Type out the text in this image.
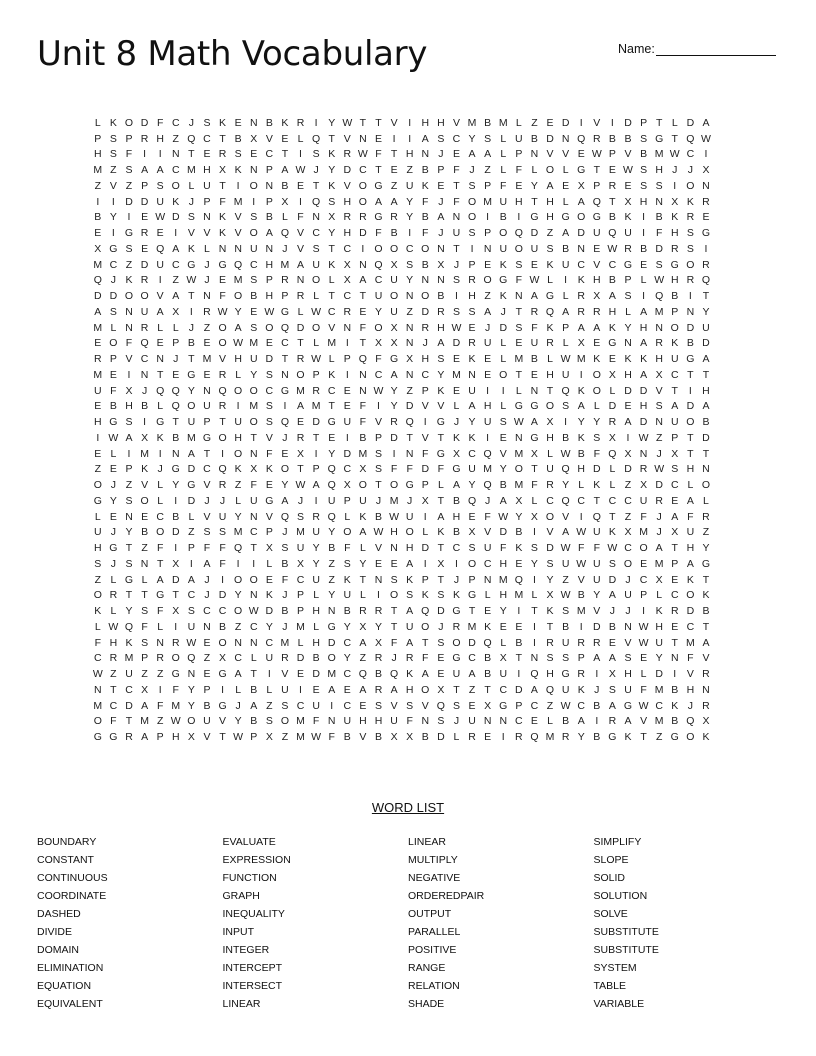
Unit 8 Math Vocabulary	Name:
L K O D F C J S K E N B K R I	Y W T T V	I H H V M B M L Z E D I	V	I D P T L D A
P S P R H Z Q C T B X V E L Q T V N E	I	I	A S C Y S L U B D N Q R B B S G T Q W
H S F	I	I N T E R S E C T	I	S K R W F T H N J E A A L P N V V E W P V B M W C I
M Z S A A C M H X K N P A W J Y D C T E Z B P F J Z L F L O L G T E W S H J J X
Z V Z P S O L U T	I O N B E T K V O G Z U K E T S P F E Y A E X P R E S S	I O N
I	I D D U K J P F M I	P X	I Q S H O A A Y F J F O M U H T H L A Q T X H N X K R
B Y	I	E W D S N K V S B L F N X R R G R Y B A N O I	B	I G H G O G B K	I	B K R E
E	I G R E	I	V V K V O A Q V C Y H D F B	I	F J U S P O Q D Z A D U Q U I	F H S G
X G S E Q A K L N N U N J V S T C I O O C O N T	I N U O U S B N E W R B D R S	I
M C Z D U C G J G Q C H M A U K X N Q X S B X J P E K S E K U C V C G E S G O R
Q J K R I	Z W J E M S P R N O L X A C U Y N N S R O G F W L	I	K H B P L W H R Q
D D O O V A T N F O B H P R L T C T U O N O B	I H Z K N A G L R X A S	I Q B	I	T
A S N U A X	I R W Y E W G L W C R E Y U Z D R S S A J T R Q A R R H L A M P N Y
M L N R L L J Z O A S O Q D O V N F O X N R H W E J D S F K P A A K Y H N O D U
E O F Q E P B E O W M E C T L M I	T X X N J A D R U L E U R L X E G N A R K B D
R P V C N J T M V H U D T R W L P Q F G X H S E K E L M B L W M K E K K H U G A
M E	I N T E G E R L Y S N O P K	I N C A N C Y M N E O T E H U I O X H A X C T T
U F X J Q Q Y N Q O O C G M R C E N W Y Z P K E U I	I	L N T Q K O L D D V T	I H
E B H B L Q O U R I M S	I	A M T E F	I	Y D V V L A H L G G O S A L D E H S A D A
H G S	I G T U P T U O S Q E D G U F V R Q I G J Y U S W A X	I	Y Y R A D N U O B
I W A X K B M G O H T V J R T E	I	B P D T V T K K	I	E N G H B K S X	I W Z P T D
E L	I M I N A T	I O N F E X	I	Y D M S	I N F G X C Q V M X L W B F Q X N J X T T
Z E P K J G D C Q K X K O T P Q C X S F F D F G U M Y O T U Q H D L D R W S H N
O J Z V L Y G V R Z F E Y W A Q X O T O G P L A Y Q B M F R Y L K L Z X D C L O
G Y S O L	I D J J L U G A J	I U P U J M J X T B Q J A X L C Q C T C C U R E A L
L E N E C B L V U Y N V Q S R Q L K B W U I	A H E F W Y X O V	I Q T Z F J A F R
U J Y B O D Z S S M C P J M U Y O A W H O L K B X V D B	I	V A W U K X M J X U Z
H G T Z F	I	P F F Q T X S U Y B F L V N H D T C S U F K S D W F F W C O A T H Y
S J S N T X	I	A F	I	I	L B X Y Z S Y E E A	I	X	I O C H E Y S U W U S O E M P A G
Z L G L A D A J	I O O E F C U Z K T N S K P T J P N M Q I	Y Z V U D J C X E K T
O R T T G T C J D Y N K J P L Y U L	I O S K S K G L H M L X W B Y A U P L C O K
K L Y S F X S C C O W D B P H N B R R T A Q D G T E Y	I	T K S M V J J	I	K R D B
L W Q F L	I U N B Z C Y J M L G Y X Y T U O J R M K E E	I	T B	I D B N W H E C T
F H K S N R W E O N N C M L H D C A X F A T S O D Q L B	I R U R R E V W U T M A
C R M P R O Q Z X C L U R D B O Y Z R J R F E G C B X T N S S P A A S E Y N F V
W Z U Z Z G N E G A T	I	V E D M C Q B Q K A E U A B U I Q H G R I	X H L D I	V R
N T C X	I	F Y P	I	L B L U I	E A E A R A H O X T Z T C D A Q U K J S U F M B H N
M C D A F M Y B G J A Z S C U I C E S V S V Q S E X G P C Z W C B A G W C K J R
O F T M Z W O U V Y B S O M F N U H H U F N S J U N N C E L B A	I R A V M B Q X
G G R A P H X V T W P X Z M W F B V B X X B D L R E	I R Q M R Y B G K T Z G O K
WORD LIST
BOUNDARY
CONSTANT
CONTINUOUS
COORDINATE
DASHED
DIVIDE
DOMAIN
ELIMINATION
EQUATION
EQUIVALENT
EVALUATE
EXPRESSION
FUNCTION
GRAPH
INEQUALITY
INPUT
INTEGER
INTERCEPT
INTERSECT
LINEAR
LINEAR
MULTIPLY
NEGATIVE
ORDEREDPAIR
OUTPUT
PARALLEL
POSITIVE
RANGE
RELATION
SHADE
SIMPLIFY
SLOPE
SOLID
SOLUTION
SOLVE
SUBSTITUTE
SUBSTITUTE
SYSTEM
TABLE
VARIABLE
